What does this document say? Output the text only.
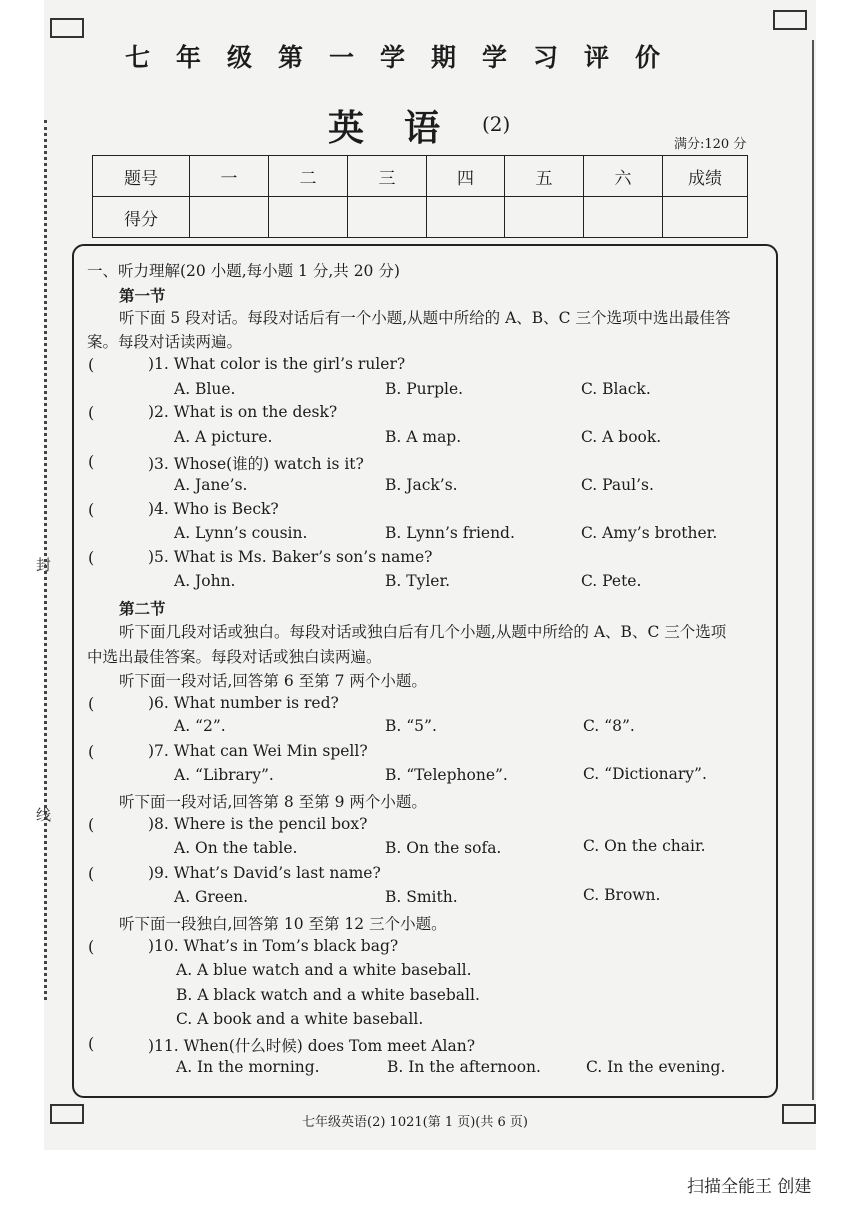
封
线
七年级第一学期学习评价
英语 (2)
满分:120 分
题号	一	二	三	四	五	六	成绩
得分							
一、听力理解(20 小题,每小题 1 分,共 20 分)
第一节
听下面 5 段对话。每段对话后有一个小题,从题中所给的 A、B、C 三个选项中选出最佳答
案。每段对话读两遍。
(	)1. What color is the girl’s ruler?
A. Blue.	B. Purple.	C. Black.
(	)2. What is on the desk?
A. A picture.	B. A map.	C. A book.
(	)3. Whose(谁的) watch is it?
A. Jane’s.	B. Jack’s.	C. Paul’s.
(	)4. Who is Beck?
A. Lynn’s cousin.	B. Lynn’s friend.	C. Amy’s brother.
(	)5. What is Ms. Baker’s son’s name?
A. John.	B. Tyler.	C. Pete.
第二节
听下面几段对话或独白。每段对话或独白后有几个小题,从题中所给的 A、B、C 三个选项
中选出最佳答案。每段对话或独白读两遍。
听下面一段对话,回答第 6 至第 7 两个小题。
(	)6. What number is red?
A. “2”.	B. “5”.	C. “8”.
(	)7. What can Wei Min spell?
A. “Library”.	B. “Telephone”.	C. “Dictionary”.
听下面一段对话,回答第 8 至第 9 两个小题。
(	)8. Where is the pencil box?
A. On the table.	B. On the sofa.	C. On the chair.
(	)9. What’s David’s last name?
A. Green.	B. Smith.	C. Brown.
听下面一段独白,回答第 10 至第 12 三个小题。
(	)10. What’s in Tom’s black bag?
A. A blue watch and a white baseball.
B. A black watch and a white baseball.
C. A book and a white baseball.
(	)11. When(什么时候) does Tom meet Alan?
A. In the morning.	B. In the afternoon.	C. In the evening.
七年级英语(2) 1021(第 1 页)(共 6 页)
扫描全能王 创建
